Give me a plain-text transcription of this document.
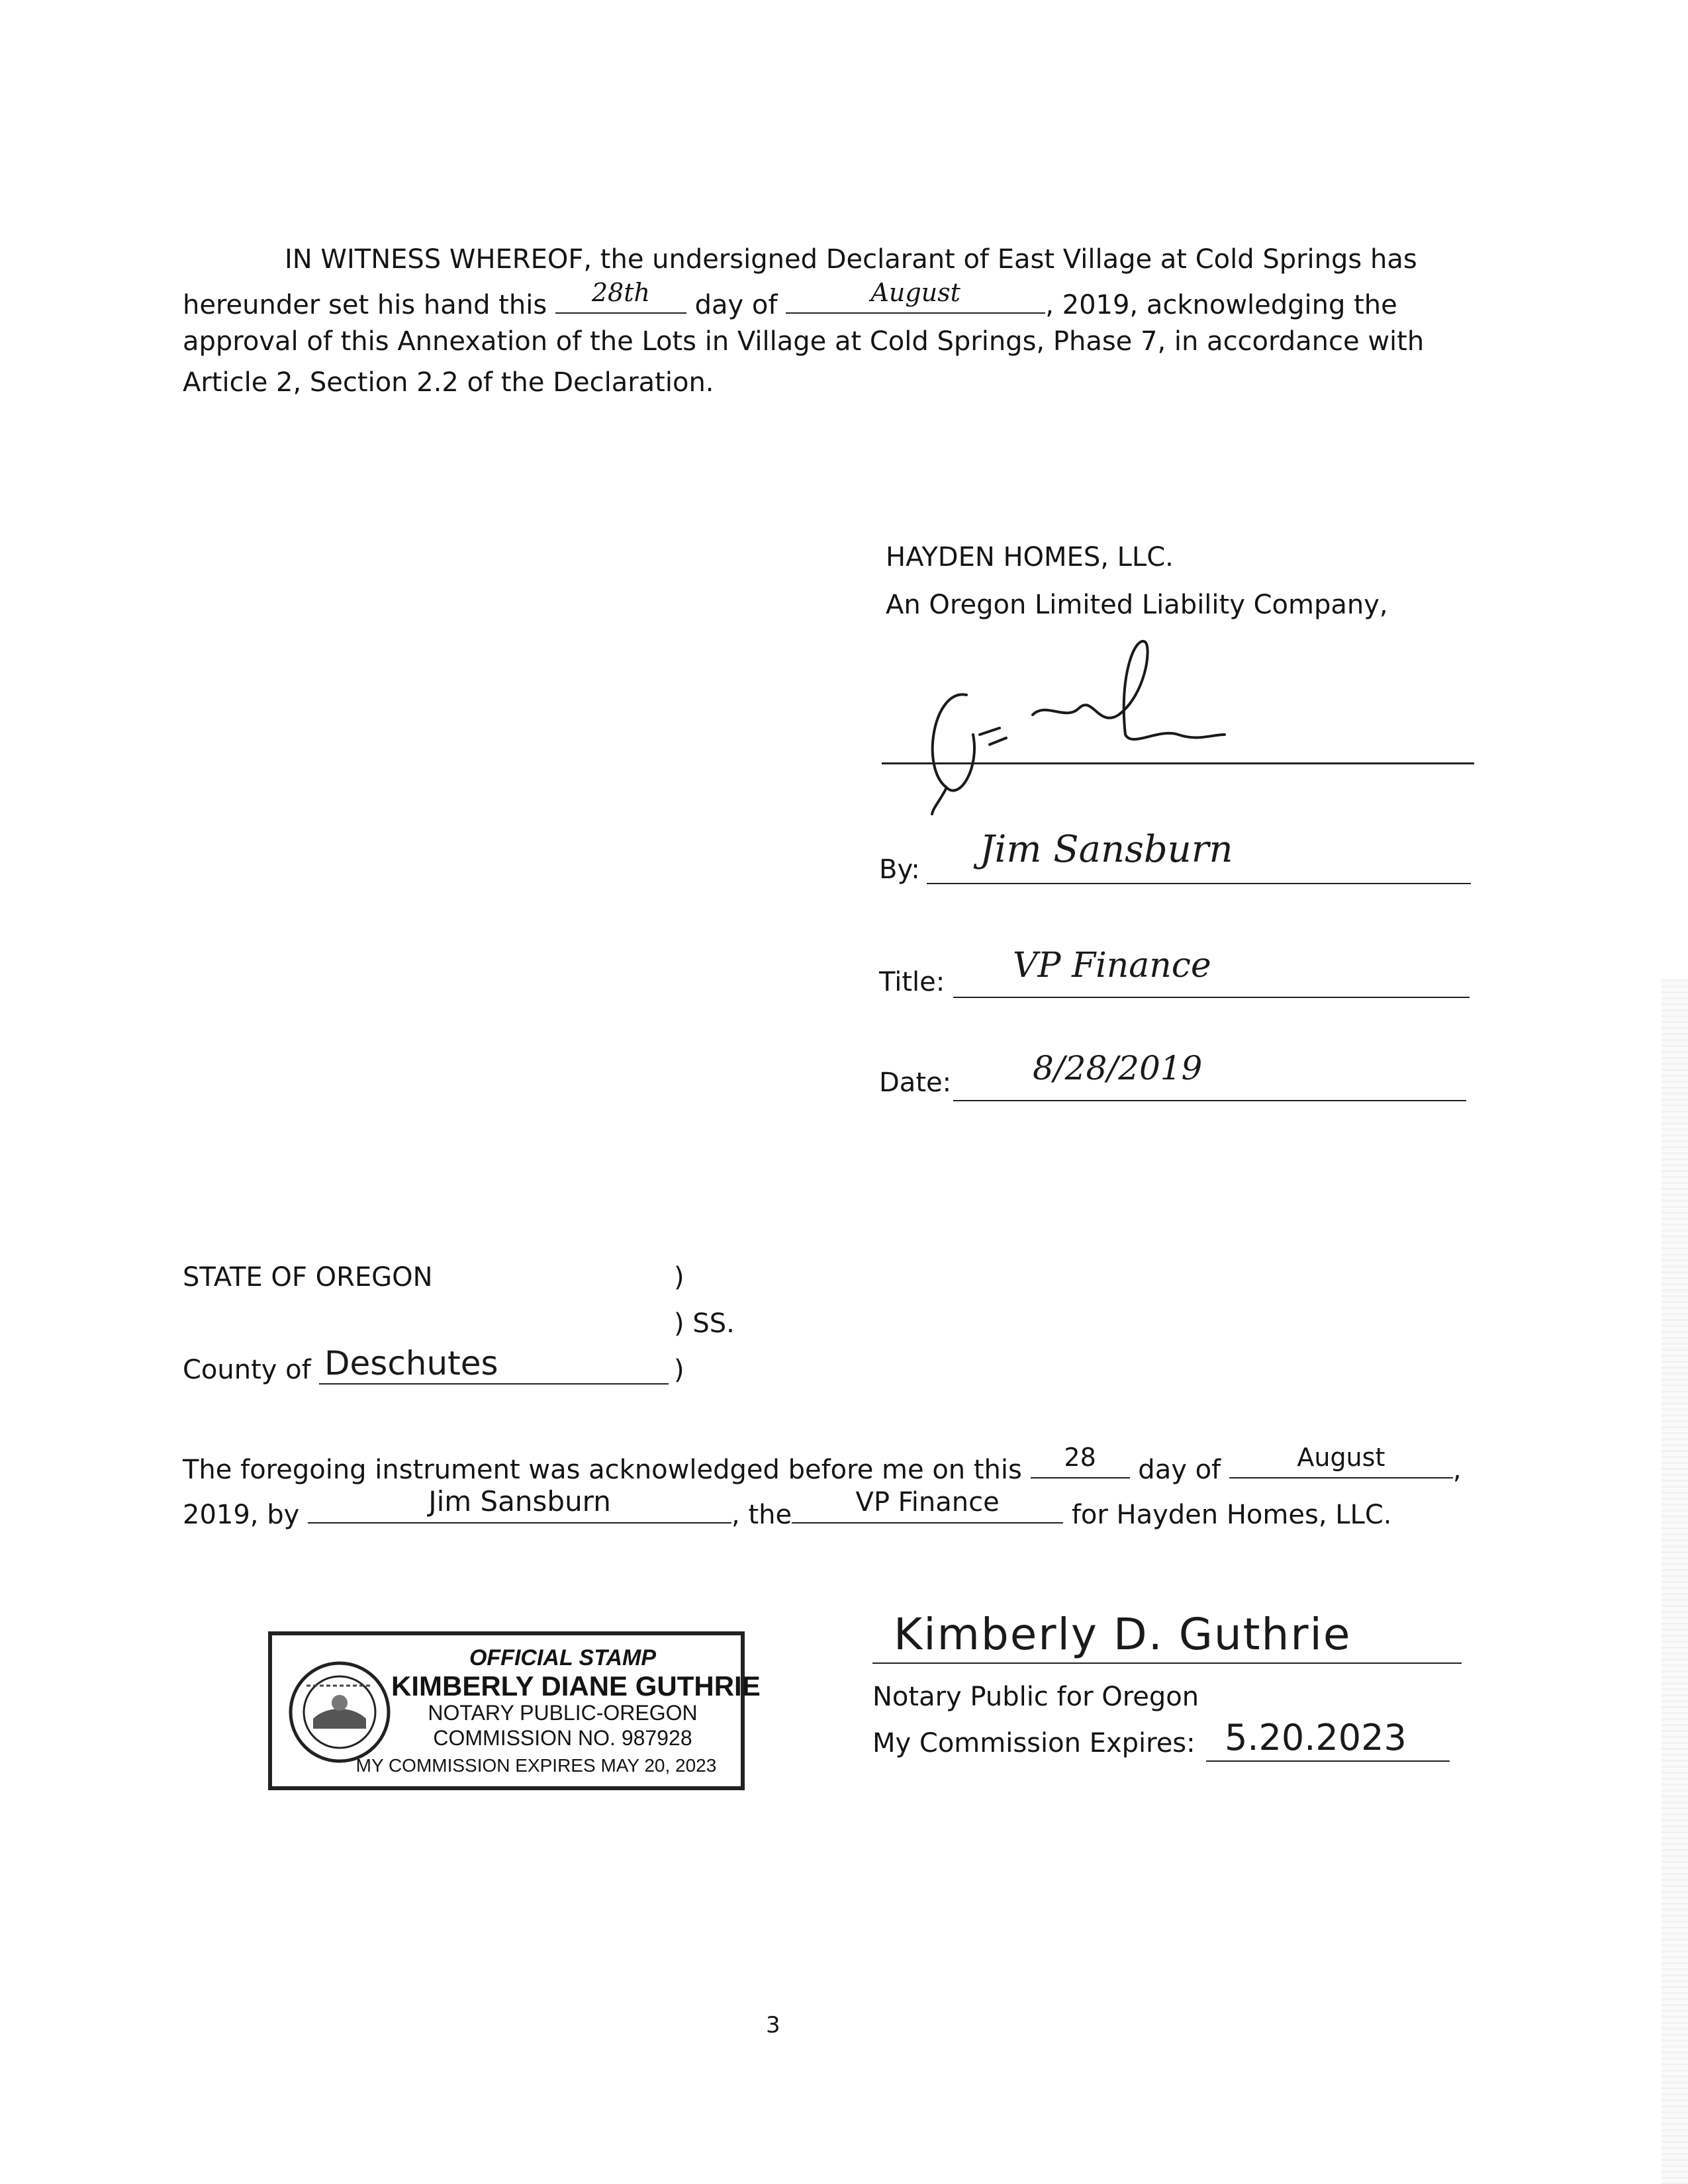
IN WITNESS WHEREOF, the undersigned Declarant of East Village at Cold Springs has
hereunder set his hand this	28th	day of	August	, 2019, acknowledging the
approval of this Annexation of the Lots in Village at Cold Springs, Phase 7, in accordance with
Article 2, Section 2.2 of the Declaration.
HAYDEN HOMES, LLC.
An Oregon Limited Liability Company,
By: Jim Sansburn
Title: VP Finance
Date: 8/28/2019
STATE OF OREGON	)
) SS.
County of Deschutes	)
The foregoing instrument was acknowledged before me on this	28	day of	August	,
2019, by	Jim Sansburn	, the	VP Finance	for Hayden Homes, LLC.
OFFICIAL STAMP
KIMBERLY DIANE GUTHRIE
NOTARY PUBLIC-OREGON
COMMISSION NO. 987928
MY COMMISSION EXPIRES MAY 20, 2023
Kimberly D. Guthrie
Notary Public for Oregon
My Commission Expires: 5.20.2023
3
